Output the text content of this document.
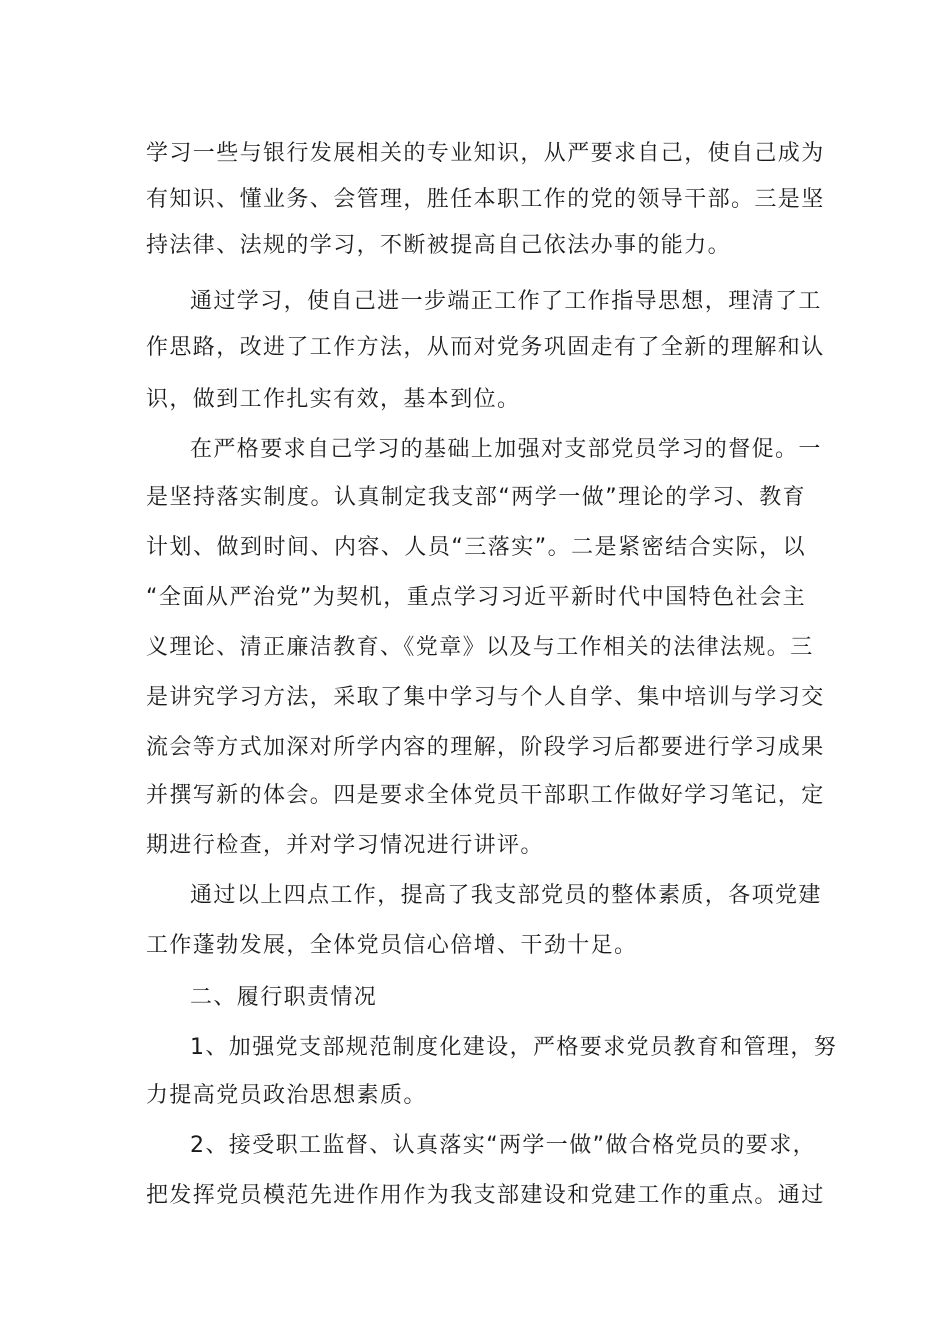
学习一些与银行发展相关的专业知识，从严要求自己，使自己成为
有知识、懂业务、会管理，胜任本职工作的党的领导干部。三是坚
持法律、法规的学习，不断被提高自己依法办事的能力。
通过学习，使自己进一步端正工作了工作指导思想，理清了工
作思路，改进了工作方法，从而对党务巩固走有了全新的理解和认
识，做到工作扎实有效，基本到位。
在严格要求自己学习的基础上加强对支部党员学习的督促。一
是坚持落实制度。认真制定我支部“两学一做”理论的学习、教育
计划、做到时间、内容、人员“三落实”。二是紧密结合实际，以
“全面从严治党”为契机，重点学习习近平新时代中国特色社会主
义理论、清正廉洁教育、《党章》以及与工作相关的法律法规。三
是讲究学习方法，采取了集中学习与个人自学、集中培训与学习交
流会等方式加深对所学内容的理解，阶段学习后都要进行学习成果
并撰写新的体会。四是要求全体党员干部职工作做好学习笔记，定
期进行检查，并对学习情况进行讲评。
通过以上四点工作，提高了我支部党员的整体素质，各项党建
工作蓬勃发展，全体党员信心倍增、干劲十足。
二、履行职责情况
1、加强党支部规范制度化建设，严格要求党员教育和管理，努
力提高党员政治思想素质。
2、接受职工监督、认真落实“两学一做”做合格党员的要求，
把发挥党员模范先进作用作为我支部建设和党建工作的重点。通过
